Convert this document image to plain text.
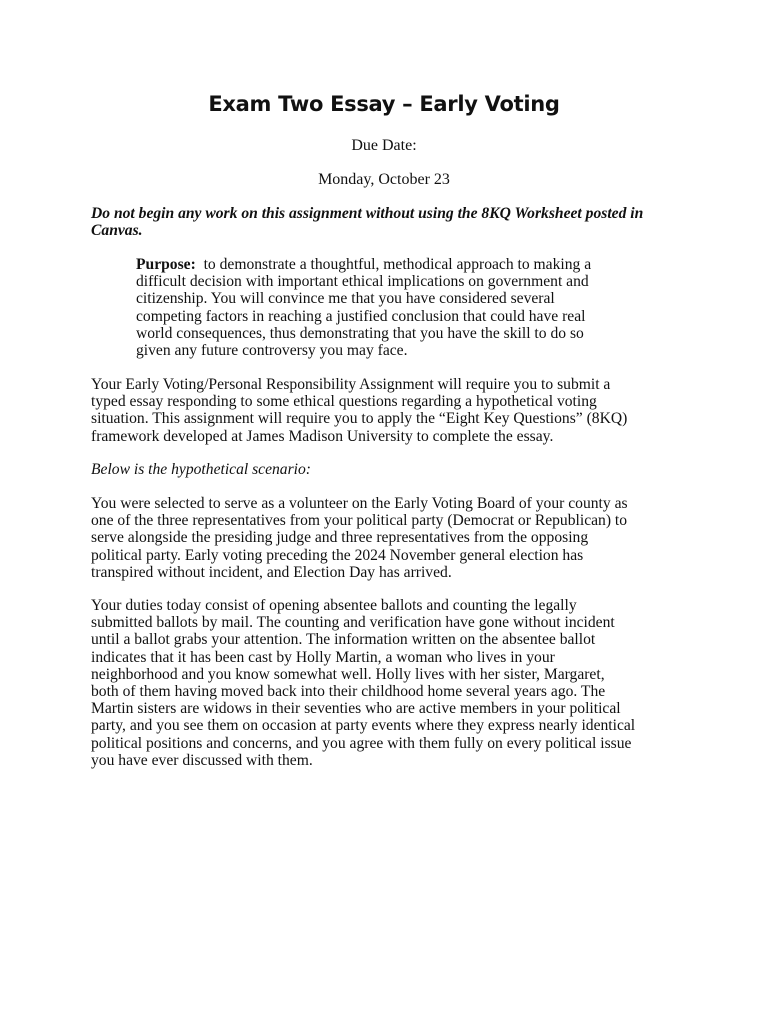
Exam Two Essay – Early Voting

Due Date:

Monday, October 23

Do not begin any work on this assignment without using the 8KQ Worksheet posted in
Canvas.
Purpose: to demonstrate a thoughtful, methodical approach to making a
difficult decision with important ethical implications on government and
citizenship. You will convince me that you have considered several
competing factors in reaching a justified conclusion that could have real
world consequences, thus demonstrating that you have the skill to do so
given any future controversy you may face.
Your Early Voting/Personal Responsibility Assignment will require you to submit a
typed essay responding to some ethical questions regarding a hypothetical voting
situation. This assignment will require you to apply the “Eight Key Questions” (8KQ)
framework developed at James Madison University to complete the essay.

Below is the hypothetical scenario:

You were selected to serve as a volunteer on the Early Voting Board of your county as
one of the three representatives from your political party (Democrat or Republican) to
serve alongside the presiding judge and three representatives from the opposing
political party. Early voting preceding the 2024 November general election has
transpired without incident, and Election Day has arrived.
Your duties today consist of opening absentee ballots and counting the legally
submitted ballots by mail. The counting and verification have gone without incident
until a ballot grabs your attention. The information written on the absentee ballot
indicates that it has been cast by Holly Martin, a woman who lives in your
neighborhood and you know somewhat well. Holly lives with her sister, Margaret,
both of them having moved back into their childhood home several years ago. The
Martin sisters are widows in their seventies who are active members in your political
party, and you see them on occasion at party events where they express nearly identical
political positions and concerns, and you agree with them fully on every political issue
you have ever discussed with them.
